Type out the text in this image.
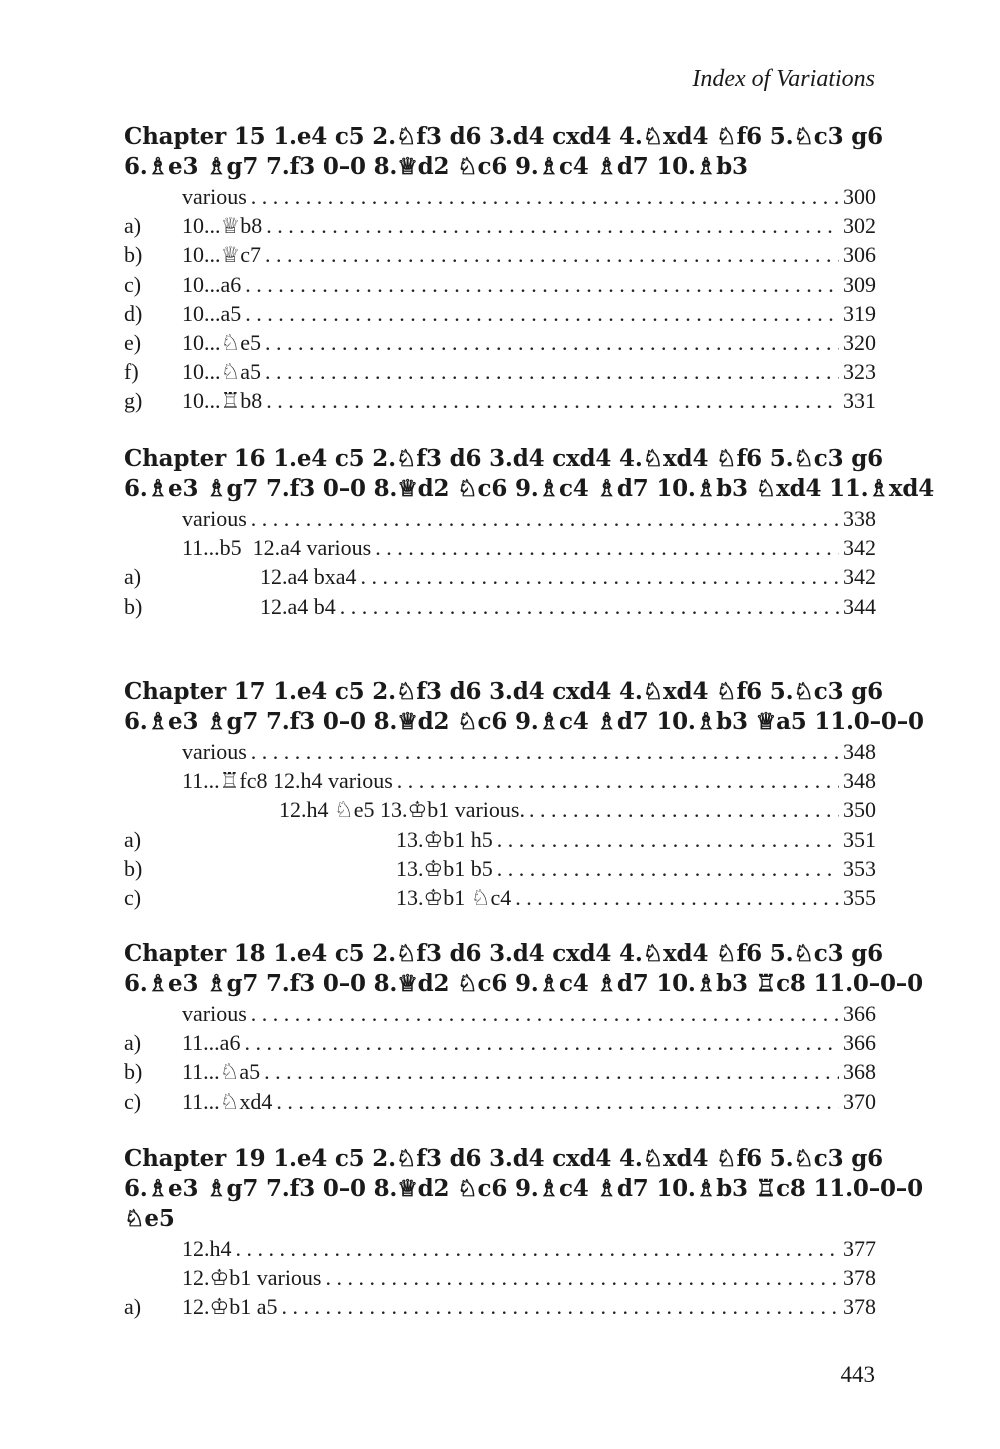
Index of Variations
Chapter 15 1.e4 c5 2.♘f3 d6 3.d4 cxd4 4.♘xd4 ♘f6 5.♘c3 g6
6.♗e3 ♗g7 7.f3 0–0 8.♕d2 ♘c6 9.♗c4 ♗d7 10.♗b3
various . . .	300
a)	10...♕b8 . . .	302
b)	10...♕c7 . . .	306
c)	10...a6 . . .	309
d)	10...a5 . . .	319
e)	10...♘e5 . . .	320
f)	10...♘a5 . . .	323
g)	10...♖b8 . . .	331
Chapter 16 1.e4 c5 2.♘f3 d6 3.d4 cxd4 4.♘xd4 ♘f6 5.♘c3 g6
6.♗e3 ♗g7 7.f3 0–0 8.♕d2 ♘c6 9.♗c4 ♗d7 10.♗b3 ♘xd4 11.♗xd4
various . . .	338
11...b5  12.a4 various . . .	342
a)	12.a4 bxa4 . . .	342
b)	12.a4 b4 . . .	344
Chapter 17 1.e4 c5 2.♘f3 d6 3.d4 cxd4 4.♘xd4 ♘f6 5.♘c3 g6
6.♗e3 ♗g7 7.f3 0–0 8.♕d2 ♘c6 9.♗c4 ♗d7 10.♗b3 ♕a5 11.0–0–0
various . . .	348
11...♖fc8 12.h4 various . . .	348
12.h4 ♘e5 13.♔b1 various. . . .	350
a)	13.♔b1 h5 . . .	351
b)	13.♔b1 b5 . . .	353
c)	13.♔b1 ♘c4 . . .	355
Chapter 18 1.e4 c5 2.♘f3 d6 3.d4 cxd4 4.♘xd4 ♘f6 5.♘c3 g6
6.♗e3 ♗g7 7.f3 0–0 8.♕d2 ♘c6 9.♗c4 ♗d7 10.♗b3 ♖c8 11.0–0–0
various . . .	366
a)	11...a6 . . .	366
b)	11...♘a5 . . .	368
c)	11...♘xd4 . . .	370
Chapter 19 1.e4 c5 2.♘f3 d6 3.d4 cxd4 4.♘xd4 ♘f6 5.♘c3 g6
6.♗e3 ♗g7 7.f3 0–0 8.♕d2 ♘c6 9.♗c4 ♗d7 10.♗b3 ♖c8 11.0–0–0
♘e5
12.h4 . . .	377
12.♔b1 various . . .	378
a)	12.♔b1 a5 . . .	378
443
